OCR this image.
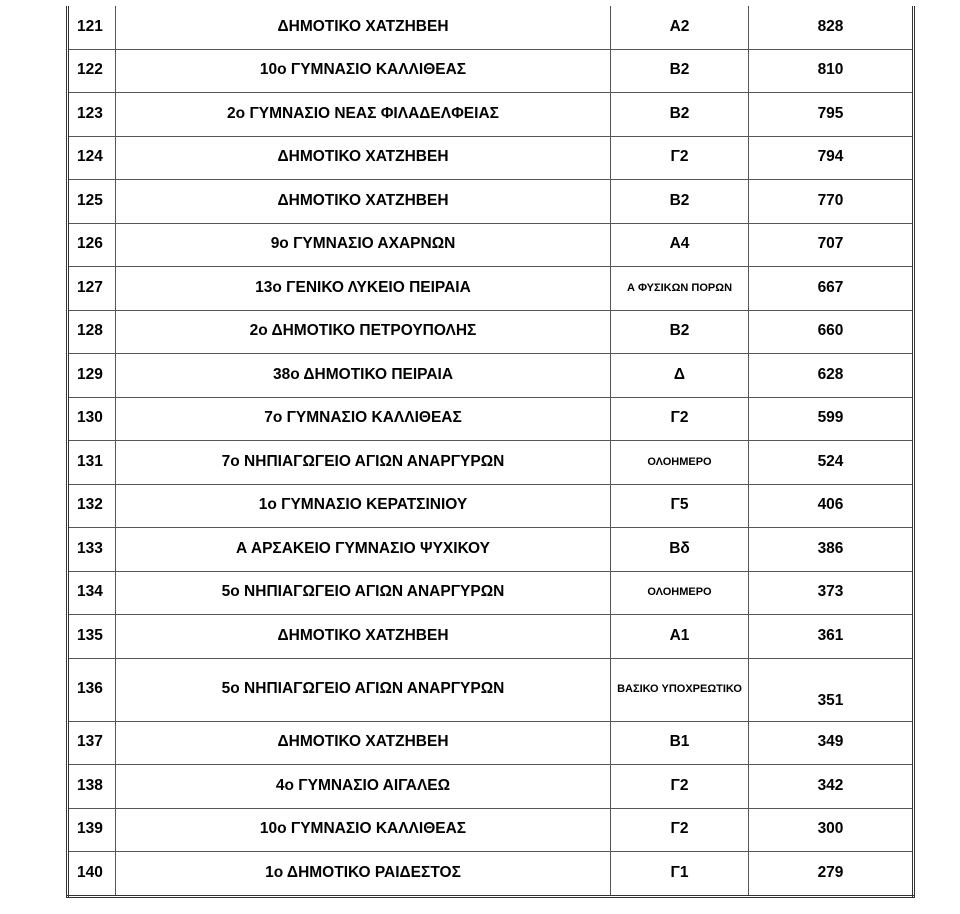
121	ΔΗΜΟΤΙΚΟ ΧΑΤΖΗΒΕΗ	Α2	828
122	10ο ΓΥΜΝΑΣΙΟ ΚΑΛΛΙΘΕΑΣ	Β2	810
123	2ο ΓΥΜΝΑΣΙΟ ΝΕΑΣ ΦΙΛΑΔΕΛΦΕΙΑΣ	Β2	795
124	ΔΗΜΟΤΙΚΟ ΧΑΤΖΗΒΕΗ	Γ2	794
125	ΔΗΜΟΤΙΚΟ ΧΑΤΖΗΒΕΗ	Β2	770
126	9ο ΓΥΜΝΑΣΙΟ ΑΧΑΡΝΩΝ	Α4	707
127	13ο ΓΕΝΙΚΟ ΛΥΚΕΙΟ ΠΕΙΡΑΙΑ	Α ΦΥΣΙΚΩΝ ΠΟΡΩΝ	667
128	2ο ΔΗΜΟΤΙΚΟ ΠΕΤΡΟΥΠΟΛΗΣ	Β2	660
129	38ο ΔΗΜΟΤΙΚΟ ΠΕΙΡΑΙΑ	Δ	628
130	7ο ΓΥΜΝΑΣΙΟ ΚΑΛΛΙΘΕΑΣ	Γ2	599
131	7ο ΝΗΠΙΑΓΩΓΕΙΟ ΑΓΙΩΝ ΑΝΑΡΓΥΡΩΝ	ΟΛΟΗΜΕΡΟ	524
132	1ο ΓΥΜΝΑΣΙΟ ΚΕΡΑΤΣΙΝΙΟΥ	Γ5	406
133	Α ΑΡΣΑΚΕΙΟ ΓΥΜΝΑΣΙΟ ΨΥΧΙΚΟΥ	Βδ	386
134	5ο ΝΗΠΙΑΓΩΓΕΙΟ ΑΓΙΩΝ ΑΝΑΡΓΥΡΩΝ	ΟΛΟΗΜΕΡΟ	373
135	ΔΗΜΟΤΙΚΟ ΧΑΤΖΗΒΕΗ	Α1	361
136	5ο ΝΗΠΙΑΓΩΓΕΙΟ ΑΓΙΩΝ ΑΝΑΡΓΥΡΩΝ	ΒΑΣΙΚΟ ΥΠΟΧΡΕΩΤΙΚΟ	351
137	ΔΗΜΟΤΙΚΟ ΧΑΤΖΗΒΕΗ	Β1	349
138	4ο ΓΥΜΝΑΣΙΟ ΑΙΓΑΛΕΩ	Γ2	342
139	10ο ΓΥΜΝΑΣΙΟ ΚΑΛΛΙΘΕΑΣ	Γ2	300
140	1ο ΔΗΜΟΤΙΚΟ ΡΑΙΔΕΣΤΟΣ	Γ1	279
